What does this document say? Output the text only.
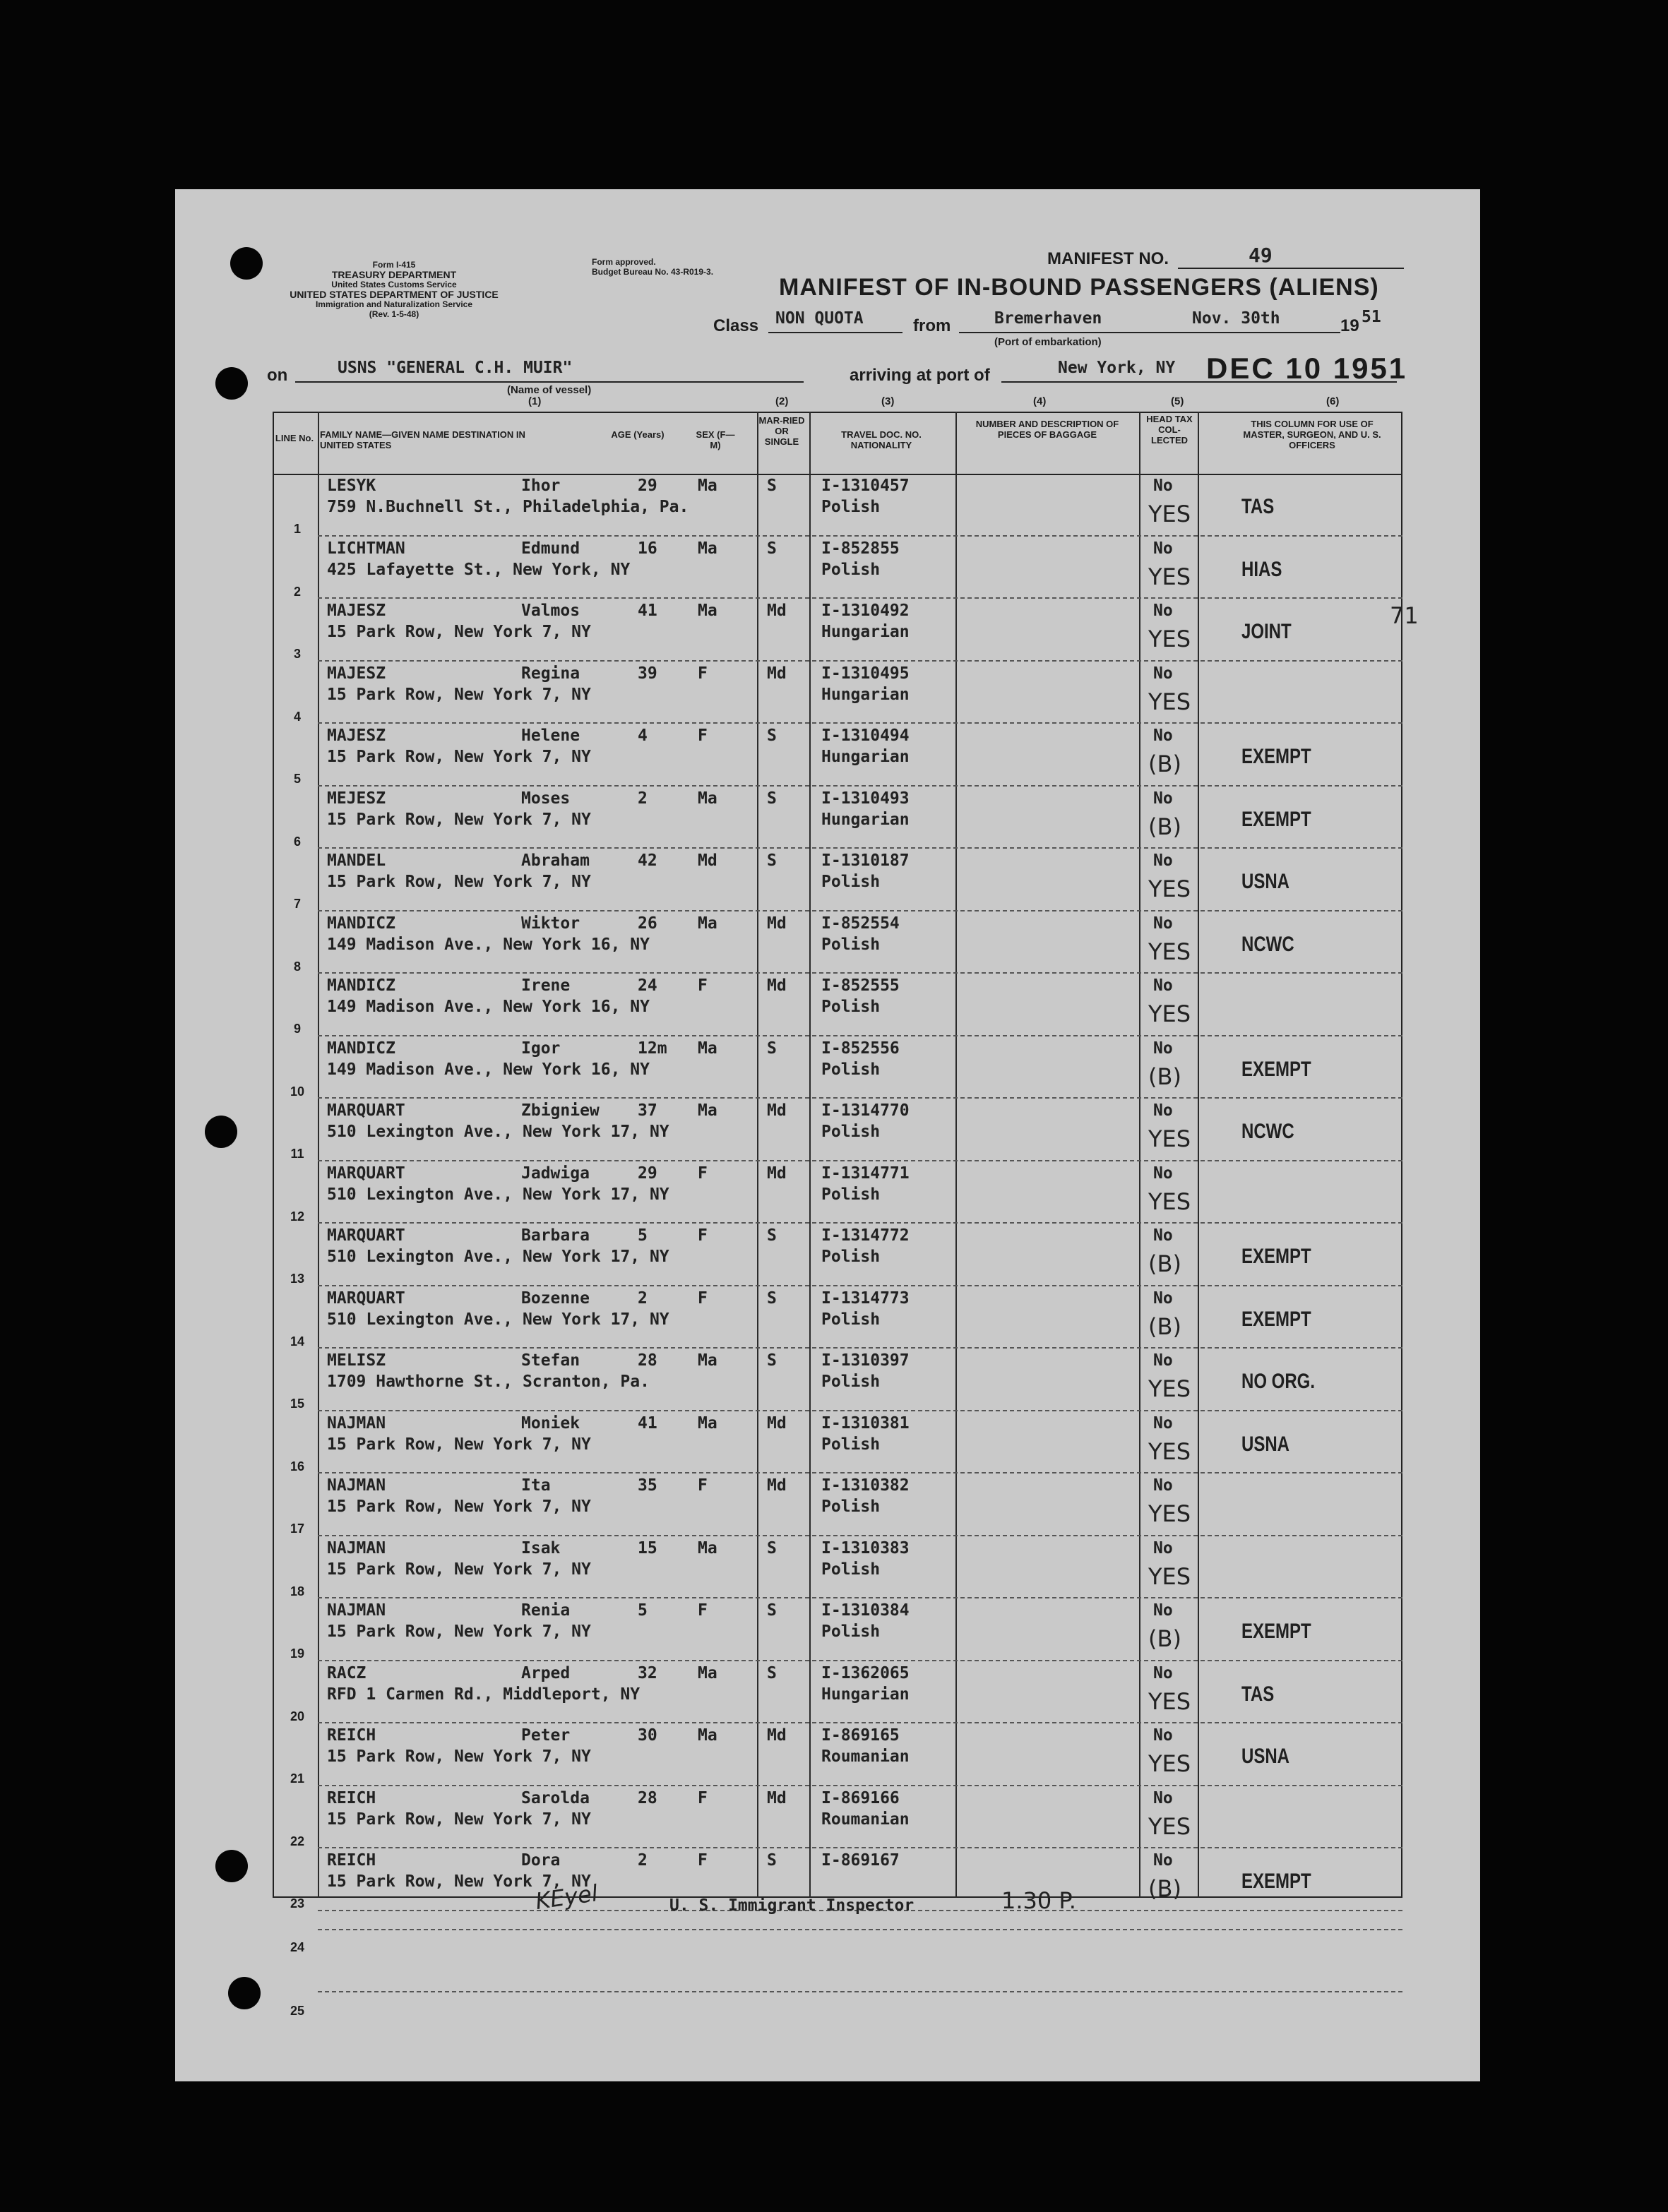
Form I-415
TREASURY DEPARTMENT
United States Customs Service
UNITED STATES DEPARTMENT OF JUSTICE
Immigration and Naturalization Service
(Rev. 1-5-48)
Form approved.
Budget Bureau No. 43-R019-3.
MANIFEST NO.	49
MANIFEST OF IN-BOUND PASSENGERS (ALIENS)
Class NON QUOTA	from	Bremerhaven	Nov. 30th
(Port of embarkation)
19 51
on	USNS "GENERAL C.H. MUIR"
(Name of vessel)
arriving at port of	New York, NY DEC 10 1951
(1)	(2)	(3)	(4)	(5)	(6)
LINE No. FAMILY NAME—GIVEN NAME DESTINATION IN UNITED STATES
AGE (Years)	SEX (F—M)
MAR-RIED OR SINGLE
TRAVEL DOC. NO. NATIONALITY
NUMBER AND DESCRIPTION OF PIECES OF BAGGAGE
HEAD TAX COL-LECTED
THIS COLUMN FOR USE OF MASTER, SURGEON, AND U. S. OFFICERS
1
LESYK	Ihor	29 Ma
759 N.Buchnell St., Philadelphia, Pa.
S	I-1310457
Polish
No
YES TAS
2
LICHTMAN	Edmund	16 Ma
425 Lafayette St., New York, NY
S	I-852855
Polish
No
YES HIAS
3
MAJESZ	Valmos	41 Ma
15 Park Row, New York 7, NY
Md I-1310492
Hungarian
No
YES JOINT
4
MAJESZ	Regina	39 F
15 Park Row, New York 7, NY
Md I-1310495
Hungarian
No
YES
5
MAJESZ	Helene	4	F
15 Park Row, New York 7, NY
S	I-1310494
Hungarian
No
(B)	EXEMPT
6
MEJESZ	Moses	2	Ma
15 Park Row, New York 7, NY
S	I-1310493
Hungarian
No
(B)	EXEMPT
7
MANDEL	Abraham	42 Md
15 Park Row, New York 7, NY
S	I-1310187
Polish
No
YES USNA
8
MANDICZ	Wiktor	26 Ma
149 Madison Ave., New York 16, NY
Md I-852554
Polish
No
YES NCWC
9
MANDICZ	Irene	24 F
149 Madison Ave., New York 16, NY
Md I-852555
Polish
No
YES
10
MANDICZ	Igor	12m Ma
149 Madison Ave., New York 16, NY
S	I-852556
Polish
No
(B)	EXEMPT
11
MARQUART	Zbigniew 37 Ma
510 Lexington Ave., New York 17, NY
Md I-1314770
Polish
No
YES NCWC
12
MARQUART	Jadwiga	29 F
510 Lexington Ave., New York 17, NY
Md I-1314771
Polish
No
YES
13
MARQUART	Barbara	5	F
510 Lexington Ave., New York 17, NY
S	I-1314772
Polish
No
(B)	EXEMPT
14
MARQUART	Bozenne	2	F
510 Lexington Ave., New York 17, NY
S	I-1314773
Polish
No
(B)	EXEMPT
15
MELISZ	Stefan	28 Ma
1709 Hawthorne St., Scranton, Pa.
S	I-1310397
Polish
No
YES NO ORG.
16
NAJMAN	Moniek	41 Ma
15 Park Row, New York 7, NY
Md I-1310381
Polish
No
YES USNA
17
NAJMAN	Ita	35 F
15 Park Row, New York 7, NY
Md I-1310382
Polish
No
YES
18
NAJMAN	Isak	15 Ma
15 Park Row, New York 7, NY
S	I-1310383
Polish
No
YES
19
NAJMAN	Renia	5	F
15 Park Row, New York 7, NY
S	I-1310384
Polish
No
(B)	EXEMPT
20
RACZ	Arped	32 Ma
RFD 1 Carmen Rd., Middleport, NY
S	I-1362065
Hungarian
No
YES TAS
21
REICH	Peter	30 Ma
15 Park Row, New York 7, NY
Md I-869165
Roumanian
No
YES USNA
22
REICH	Sarolda	28 F
15 Park Row, New York 7, NY
Md I-869166
Roumanian
No
YES
23
REICH	Dora	2	F
15 Park Row, New York 7, NY
S	I-869167	No
(B)	EXEMPT
KEyel	U. S. Immigrant Inspector	1.30 P.
24
25
71
